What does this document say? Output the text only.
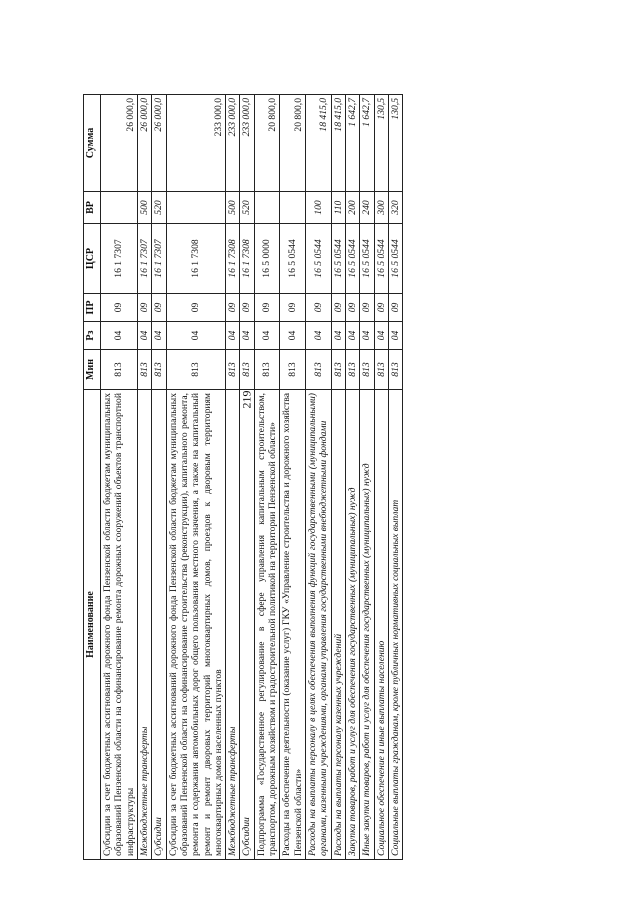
219
Наименование	Мин	Рз	ПР	ЦСР	ВР	Сумма
Субсидии за счет бюджетных ассигнований дорожного фонда Пензенской области бюджетам муниципальных образований Пензенской области на софинансирование ремонта дорожных сооружений объектов транспортной инфраструктуры	813	04	09	16 1 7307		26 000,0
Межбюджетные трансферты	813	04	09	16 1 7307	500	26 000,0
Субсидии	813	04	09	16 1 7307	520	26 000,0
Субсидии за счет бюджетных ассигнований дорожного фонда Пензенской области бюджетам муниципальных образований Пензенской области на софинансирование строительства (реконструкции), капитального ремонта, ремонта и содержания автомобильных дорог общего пользования местного значения, а также на капитальный ремонт и ремонт дворовых территорий многоквартирных домов, проездов к дворовым территориям многоквартирных домов населенных пунктов	813	04	09	16 1 7308		233 000,0
Межбюджетные трансферты	813	04	09	16 1 7308	500	233 000,0
Субсидии	813	04	09	16 1 7308	520	233 000,0
Подпрограмма «Государственное регулирование в сфере управления капитальным строительством, транспортом, дорожным хозяйством и градостроительной политикой на территории Пензенской области»	813	04	09	16 5 0000		20 800,0
Расходы на обеспечение деятельности (оказание услуг) ГКУ «Управление строительства и дорожного хозяйства Пензенской области»	813	04	09	16 5 0544		20 800,0
Расходы на выплаты персоналу в целях обеспечения выполнения функций государственными (муниципальными) органами, казенными учреждениями, органами управления государственными внебюджетными фондами	813	04	09	16 5 0544	100	18 415,0
Расходы на выплаты персоналу казенных учреждений	813	04	09	16 5 0544	110	18 415,0
Закупка товаров, работ и услуг для обеспечения государственных (муниципальных) нужд	813	04	09	16 5 0544	200	1 642,7
Иные закупки товаров, работ и услуг для обеспечения государственных (муниципальных) нужд	813	04	09	16 5 0544	240	1 642,7
Социальное обеспечение и иные выплаты населению	813	04	09	16 5 0544	300	130,5
Социальные выплаты гражданам, кроме публичных нормативных социальных выплат	813	04	09	16 5 0544	320	130,5
